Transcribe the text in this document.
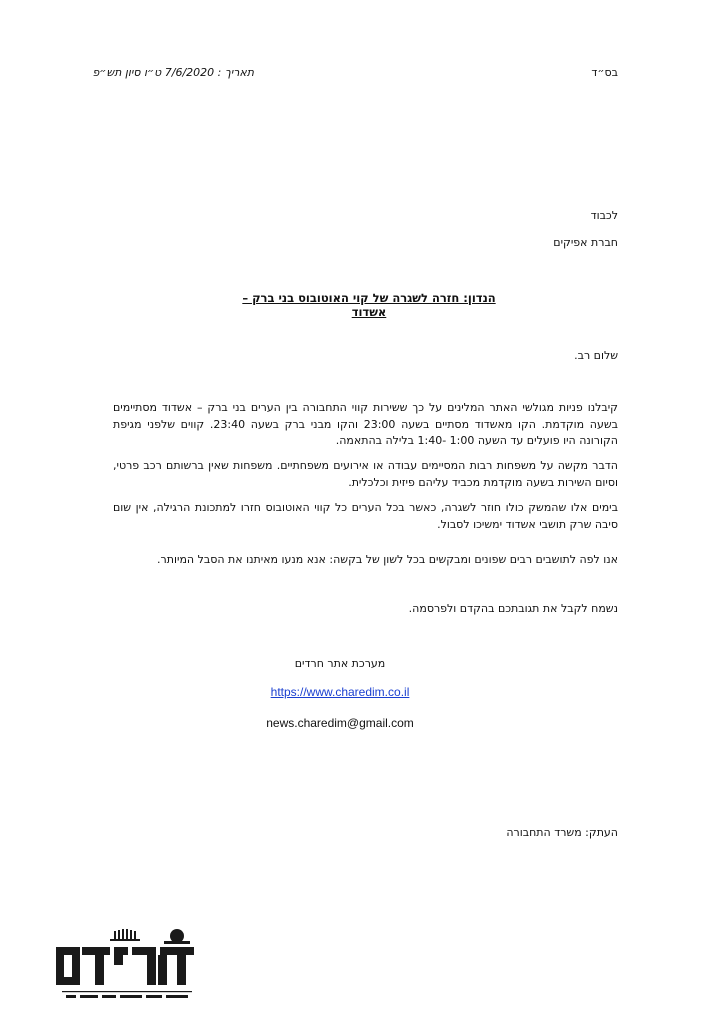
בס״ד
תאריך : 7/6/2020 ט״ו סיון תש״פ
לכבוד
חברת אפיקים
הנדון: חזרה לשגרה של קוי האוטובוס בני ברק – אשדוד
שלום רב.
קיבלנו פניות מגולשי האתר המלינים על כך ששירות קווי התחבורה בין הערים בני ברק – אשדוד מסתיימים בשעה מוקדמת. הקו מאשדוד מסתיים בשעה 23:00 והקו מבני ברק בשעה 23:40. קווים שלפני מגיפת הקורונה היו פועלים עד השעה 1:00 -1:40 בלילה בהתאמה.
הדבר מקשה על משפחות רבות המסיימים עבודה או אירועים משפחתיים. משפחות שאין ברשותם רכב פרטי, וסיום השירות בשעה מוקדמת מכביד עליהם פיזית וכלכלית.
בימים אלו שהמשק כולו חוזר לשגרה, כאשר בכל הערים כל קווי האוטובוס חזרו למתכונת הרגילה, אין שום סיבה שרק תושבי אשדוד ימשיכו לסבול.
אנו לפה לתושבים רבים שפונים ומבקשים בכל לשון של בקשה: אנא מנעו מאיתנו את הסבל המיותר.
נשמח לקבל את תגובתכם בהקדם ולפרסמה.
מערכת אתר חרדים
https://www.charedim.co.il
news.charedim@gmail.com
העתק: משרד התחבורה
